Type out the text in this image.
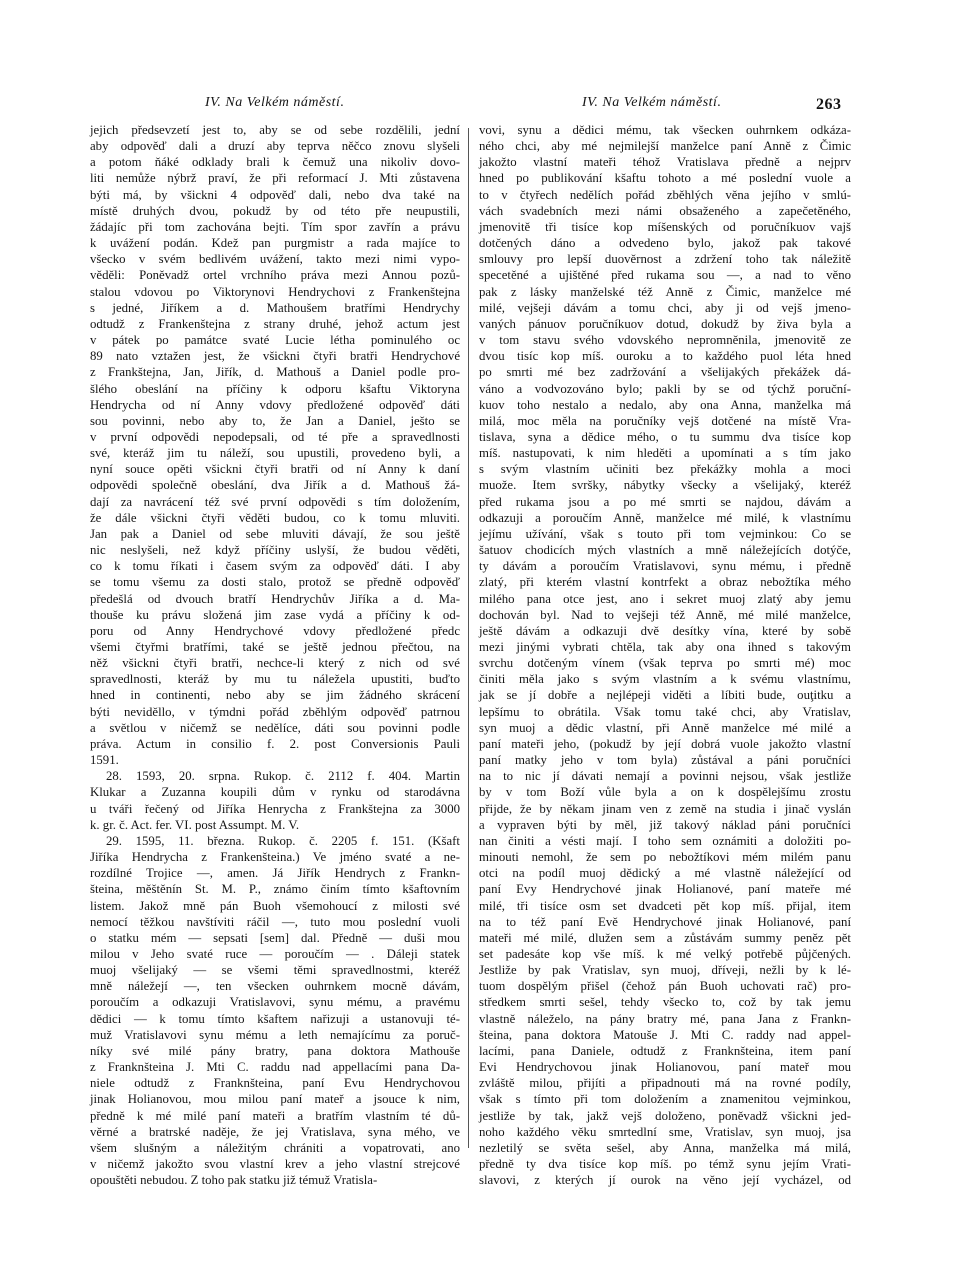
IV. Na Velkém náměstí.	IV. Na Velkém náměstí.	263

jejich předsevzetí jest to, aby se od sebe rozdělili, jední

aby odpověď dali a druzí aby teprva něčco znovu slyšeli

a potom ňáké odklady brali k čemuž una nikoliv dovo-

liti nemůže nýbrž praví, že při reformací J. Mti zůstavena

býti má, by všickni 4 odpověď dali, nebo dva také na

místě druhých dvou, pokudž by od této pře neupustili,

žádajíc při tom zachována bejti. Tím spor zavřín a právu

k uvážení podán. Kdež pan purgmistr a rada majíce to

všecko v svém bedlivém uvážení, takto mezi nimi vypo-

věděli: Poněvadž ortel vrchního práva mezi Annou pozů-

stalou vdovou po Viktorynovi Hendrychovi z Frankenštejna

s jedné, Jiříkem a d. Mathoušem bratřími Hendrychy

odtudž z Frankenštejna z strany druhé, jehož actum jest

v pátek po památce svaté Lucie létha pominulého oc

89 nato vztažen jest, že všickni čtyři bratři Hendrychové

z Frankštejna, Jan, Jiřík, d. Mathouš a Daniel podle pro-

šlého obeslání na příčiny k odporu kšaftu Viktoryna

Hendrycha od ní Anny vdovy předložené odpověď dáti

sou povinni, nebo aby to, že Jan a Daniel, ješto se

v první odpovědi nepodepsali, od té pře a spravedlnosti

své, kteráž jim tu náleží, sou upustili, provedeno byli, a

nyní souce opěti všickni čtyři bratři od ní Anny k daní

odpovědi společně obeslání, dva Jiřík a d. Mathouš žá-

dají za navrácení též své první odpovědi s tím doložením,

že dále všickni čtyři věděti budou, co k tomu mluviti.

Jan pak a Daniel od sebe mluviti dávají, že sou ještě

nic neslyšeli, než když příčiny uslyší, že budou věděti,

co k tomu říkati i časem svým za odpověď dáti. I aby

se tomu všemu za dosti stalo, protož se předně odpověď

předešlá od dvouch bratří Hendrychův Jiříka a d. Ma-

thouše ku právu složená jim zase vydá a příčiny k od-

poru od Anny Hendrychové vdovy předložené předc

všemi čtyřmi bratřími, také se ještě jednou přečtou, na

něž všickni čtyři bratři, nechce-li který z nich od své

spravedlnosti, kteráž by mu tu náležela upustiti, buďto

hned in continenti, nebo aby se jim žádného skrácení

býti neviděllo, v týmdni pořád zběhlým odpověď patrnou

a světlou v ničemž se nedělíce, dáti sou povinni podle

práva. Actum in consilio f. 2. post Conversionis Pauli

1591.

28. 1593, 20. srpna. Rukop. č. 2112 f. 404. Martin

Klukar a Zuzanna koupili dům v rynku od starodávna

u tváři řečený od Jiříka Henrycha z Frankštejna za 3000

k. gr. č. Act. fer. VI. post Assumpt. M. V.

29. 1595, 11. března. Rukop. č. 2205 f. 151. (Kšaft

Jiříka Hendrycha z Frankenšteina.) Ve jméno svaté a ne-

rozdílné Trojice —, amen. Já Jiřík Hendrych z Frankn-

šteina, měštěnín St. M. P., známo činím tímto kšaftovním

listem. Jakož mně pán Buoh všemohoucí z milosti své

nemocí těžkou navštíviti ráčil —, tuto mou poslední vuoli

o statku mém — sepsati [sem] dal. Předně — duši mou

milou v Jeho svaté ruce — poroučím — . Dáleji statek

muoj všelijaký — se všemi těmi spravedlnostmi, kteréž

mně náležejí —, ten všecken ouhrnkem mocně dávám,

poroučím a odkazuji Vratislavovi, synu mému, a pravému

dědici — k tomu tímto kšaftem nařizuji a ustanovuji té-

muž Vratislavovi synu mému a leth nemajícímu za poruč-

níky své milé pány bratry, pana doktora Mathouše

z Franknšteina J. Mti C. raddu nad appellacími pana Da-

niele odtudž z Franknšteina, paní Evu Hendrychovou

jinak Holianovou, mou milou paní mateř a jsouce k nim,

předně k mé milé paní mateři a bratřím vlastním té dů-

věrné a bratrské naděje, že jej Vratislava, syna mého, ve

všem slušným a náležitým chrániti a vopatrovati, ano

v ničemž jakožto svou vlastní krev a jeho vlastní strejcové

opouštěti nebudou. Z toho pak statku již témuž Vratisla-

vovi, synu a dědici mému, tak všecken ouhrnkem odkáza-

ného chci, aby mé nejmilejší manželce paní Anně z Čimic

jakožto vlastní mateři téhož Vratislava předně a nejprv

hned po publikování kšaftu tohoto a mé poslední vuole a

to v čtyřech nedělích pořád zběhlých věna jejího v smlú-

vách svadebních mezi námi obsaženého a zapečetěného,

jmenovitě tři tisíce kop míšenských od poručníkuov vajš

dotčených dáno a odvedeno bylo, jakož pak takové

smlouvy pro lepší duověrnost a zdržení toho tak náležitě

specetěné a ujištěné před rukama sou —, a nad to věno

pak z lásky manželské též Anně z Čimic, manželce mé

milé, vejšeji dávám a tomu chci, aby ji od vejš jmeno-

vaných pánuov poručníkuov dotud, dokudž by živa byla a

v tom stavu svého vdovského nepromněnila, jmenovitě ze

dvou tisíc kop míš. ouroku a to každého puol léta hned

po smrti mé bez zadržování a všelijakých překážek dá-

váno a vodvozováno bylo; pakli by se od týchž poruční-

kuov toho nestalo a nedalo, aby ona Anna, manželka má

milá, moc měla na poručníky vejš dotčené na místě Vra-

tislava, syna a dědice mého, o tu summu dva tisíce kop

míš. nastupovati, k nim hleděti a upomínati a s tím jako

s svým vlastním učiniti bez překážky mohla a moci

muože. Item svršky, nábytky všecky a všelijaký, kteréž

před rukama jsou a po mé smrti se najdou, dávám a

odkazuji a poroučím Anně, manželce mé milé, k vlastnímu

jejímu užívání, však s touto při tom vejminkou: Co se

šatuov chodicích mých vlastních a mně náležejících dotýče,

ty dávám a poroučím Vratislavovi, synu mému, i předně

zlatý, při kterém vlastní kontrfekt a obraz nebožtíka mého

milého pana otce jest, ano i sekret muoj zlatý aby jemu

dochován byl. Nad to vejšeji též Anně, mé milé manželce,

ještě dávám a odkazuji dvě desítky vína, které by sobě

mezi jinými vybrati chtěla, tak aby ona ihned s takovým

svrchu dotčeným vínem (však teprva po smrti mé) moc

činiti měla jako s svým vlastním a k svému vlastnímu,

jak se jí dobře a nejlépeji viděti a líbiti bude, ouţitku a

lepšímu to obrátila. Však tomu také chci, aby Vratislav,

syn muoj a dědic vlastní, při Anně manželce mé milé a

paní mateři jeho, (pokudž by její dobrá vuole jakožto vlastní

paní matky jeho v tom byla) zůstával a páni poručníci

na to nic jí dávati nemají a povinni nejsou, však jestliže

by v tom Boží vůle byla a on k dospělejšímu zrostu

přijde, že by někam jinam ven z země na studia i jinač vyslán

a vypraven býti by měl, již takový náklad páni poručníci

nan činiti a vésti mají. I toho sem oznámiti a doložiti po-

minouti nemohl, že sem po nebožtíkovi mém milém panu

otci na podíl muoj dědický a mé vlastně náležející od

paní Evy Hendrychové jinak Holianové, paní mateře mé

milé, tři tisíce osm set dvadceti pět kop míš. přijal, item

na to též paní Evě Hendrychové jinak Holianové, paní

mateři mé milé, dlužen sem a zůstávám summy peněz pět

set padesáte kop vše míš. k mé velký potřebě půjčených.

Jestliže by pak Vratislav, syn muoj, dříveji, nežli by k lé-

tuom dospělým přišel (čehož pán Buoh uchovati rač) pro-

středkem smrti sešel, tehdy všecko to, což by tak jemu

vlastně náleželo, na pány bratry mé, pana Jana z Frankn-

šteina, pana doktora Matouše J. Mti C. raddy nad appel-

lacími, pana Daniele, odtudž z Franknšteina, item paní

Evi Hendrychovou jinak Holianovou, paní mateř mou

zvláště milou, přijíti a připadnouti má na rovné podíly,

však s tímto při tom doložením a znamenitou vejminkou,

jestliže by tak, jakž vejš doloženo, poněvadž všickni jed-

noho každého věku smrtedlní sme, Vratislav, syn muoj, jsa

nezletilý se světa sešel, aby Anna, manželka má milá,

předně ty dva tisíce kop míš. po témž synu jejím Vrati-

slavovi, z kterých jí ourok na věno její vycházel, od
